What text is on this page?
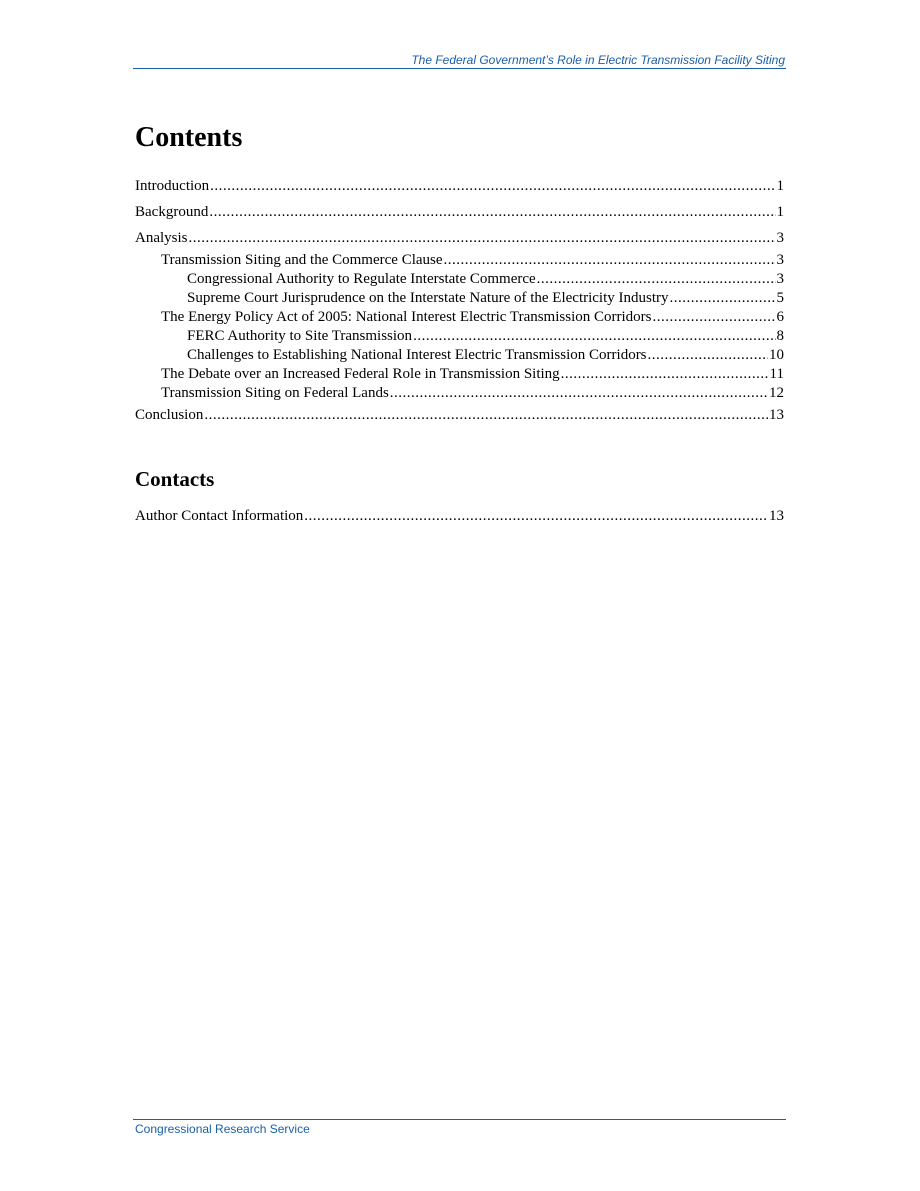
The Federal Government’s Role in Electric Transmission Facility Siting
Contents
Introduction .....	1
Background .....	1
Analysis .....	3
Transmission Siting and the Commerce Clause .....	3
Congressional Authority to Regulate Interstate Commerce .....	3
Supreme Court Jurisprudence on the Interstate Nature of the Electricity Industry .....	5
The Energy Policy Act of 2005: National Interest Electric Transmission Corridors .....	6
FERC Authority to Site Transmission .....	8
Challenges to Establishing National Interest Electric Transmission Corridors .....	10
The Debate over an Increased Federal Role in Transmission Siting .....	11
Transmission Siting on Federal Lands .....	12
Conclusion .....	13
Contacts
Author Contact Information .....	13
Congressional Research Service
